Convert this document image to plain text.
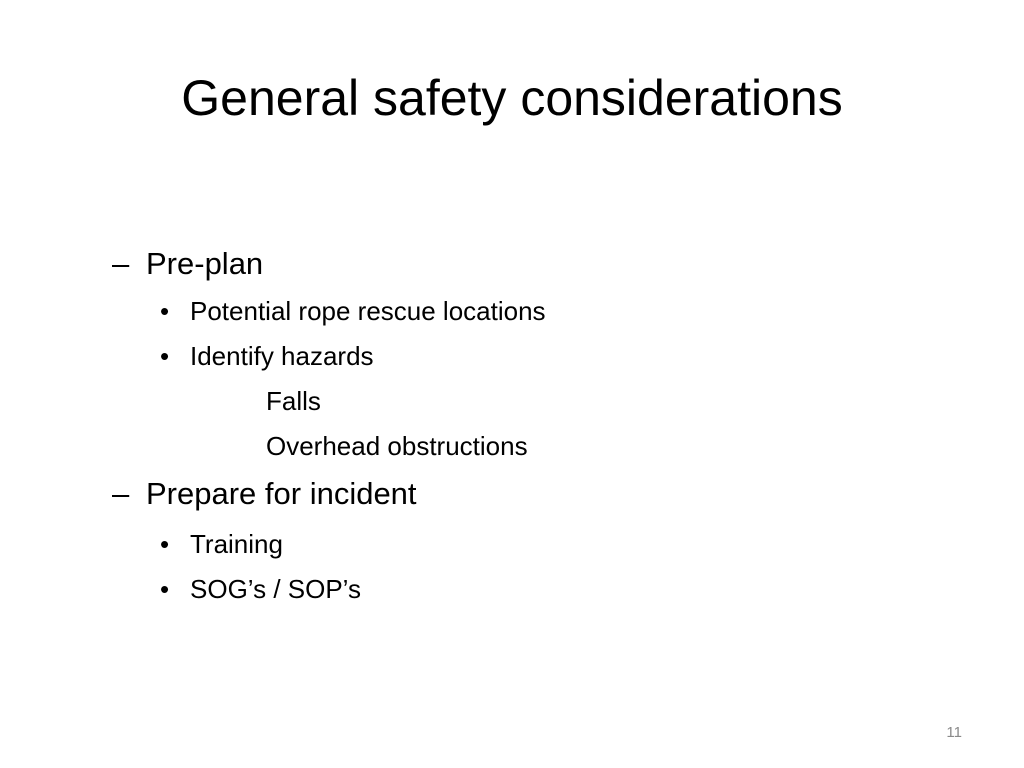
General safety considerations
– Pre-plan
• Potential rope rescue locations
• Identify hazards
Falls
Overhead obstructions
– Prepare for incident
• Training
• SOG’s / SOP’s
11
